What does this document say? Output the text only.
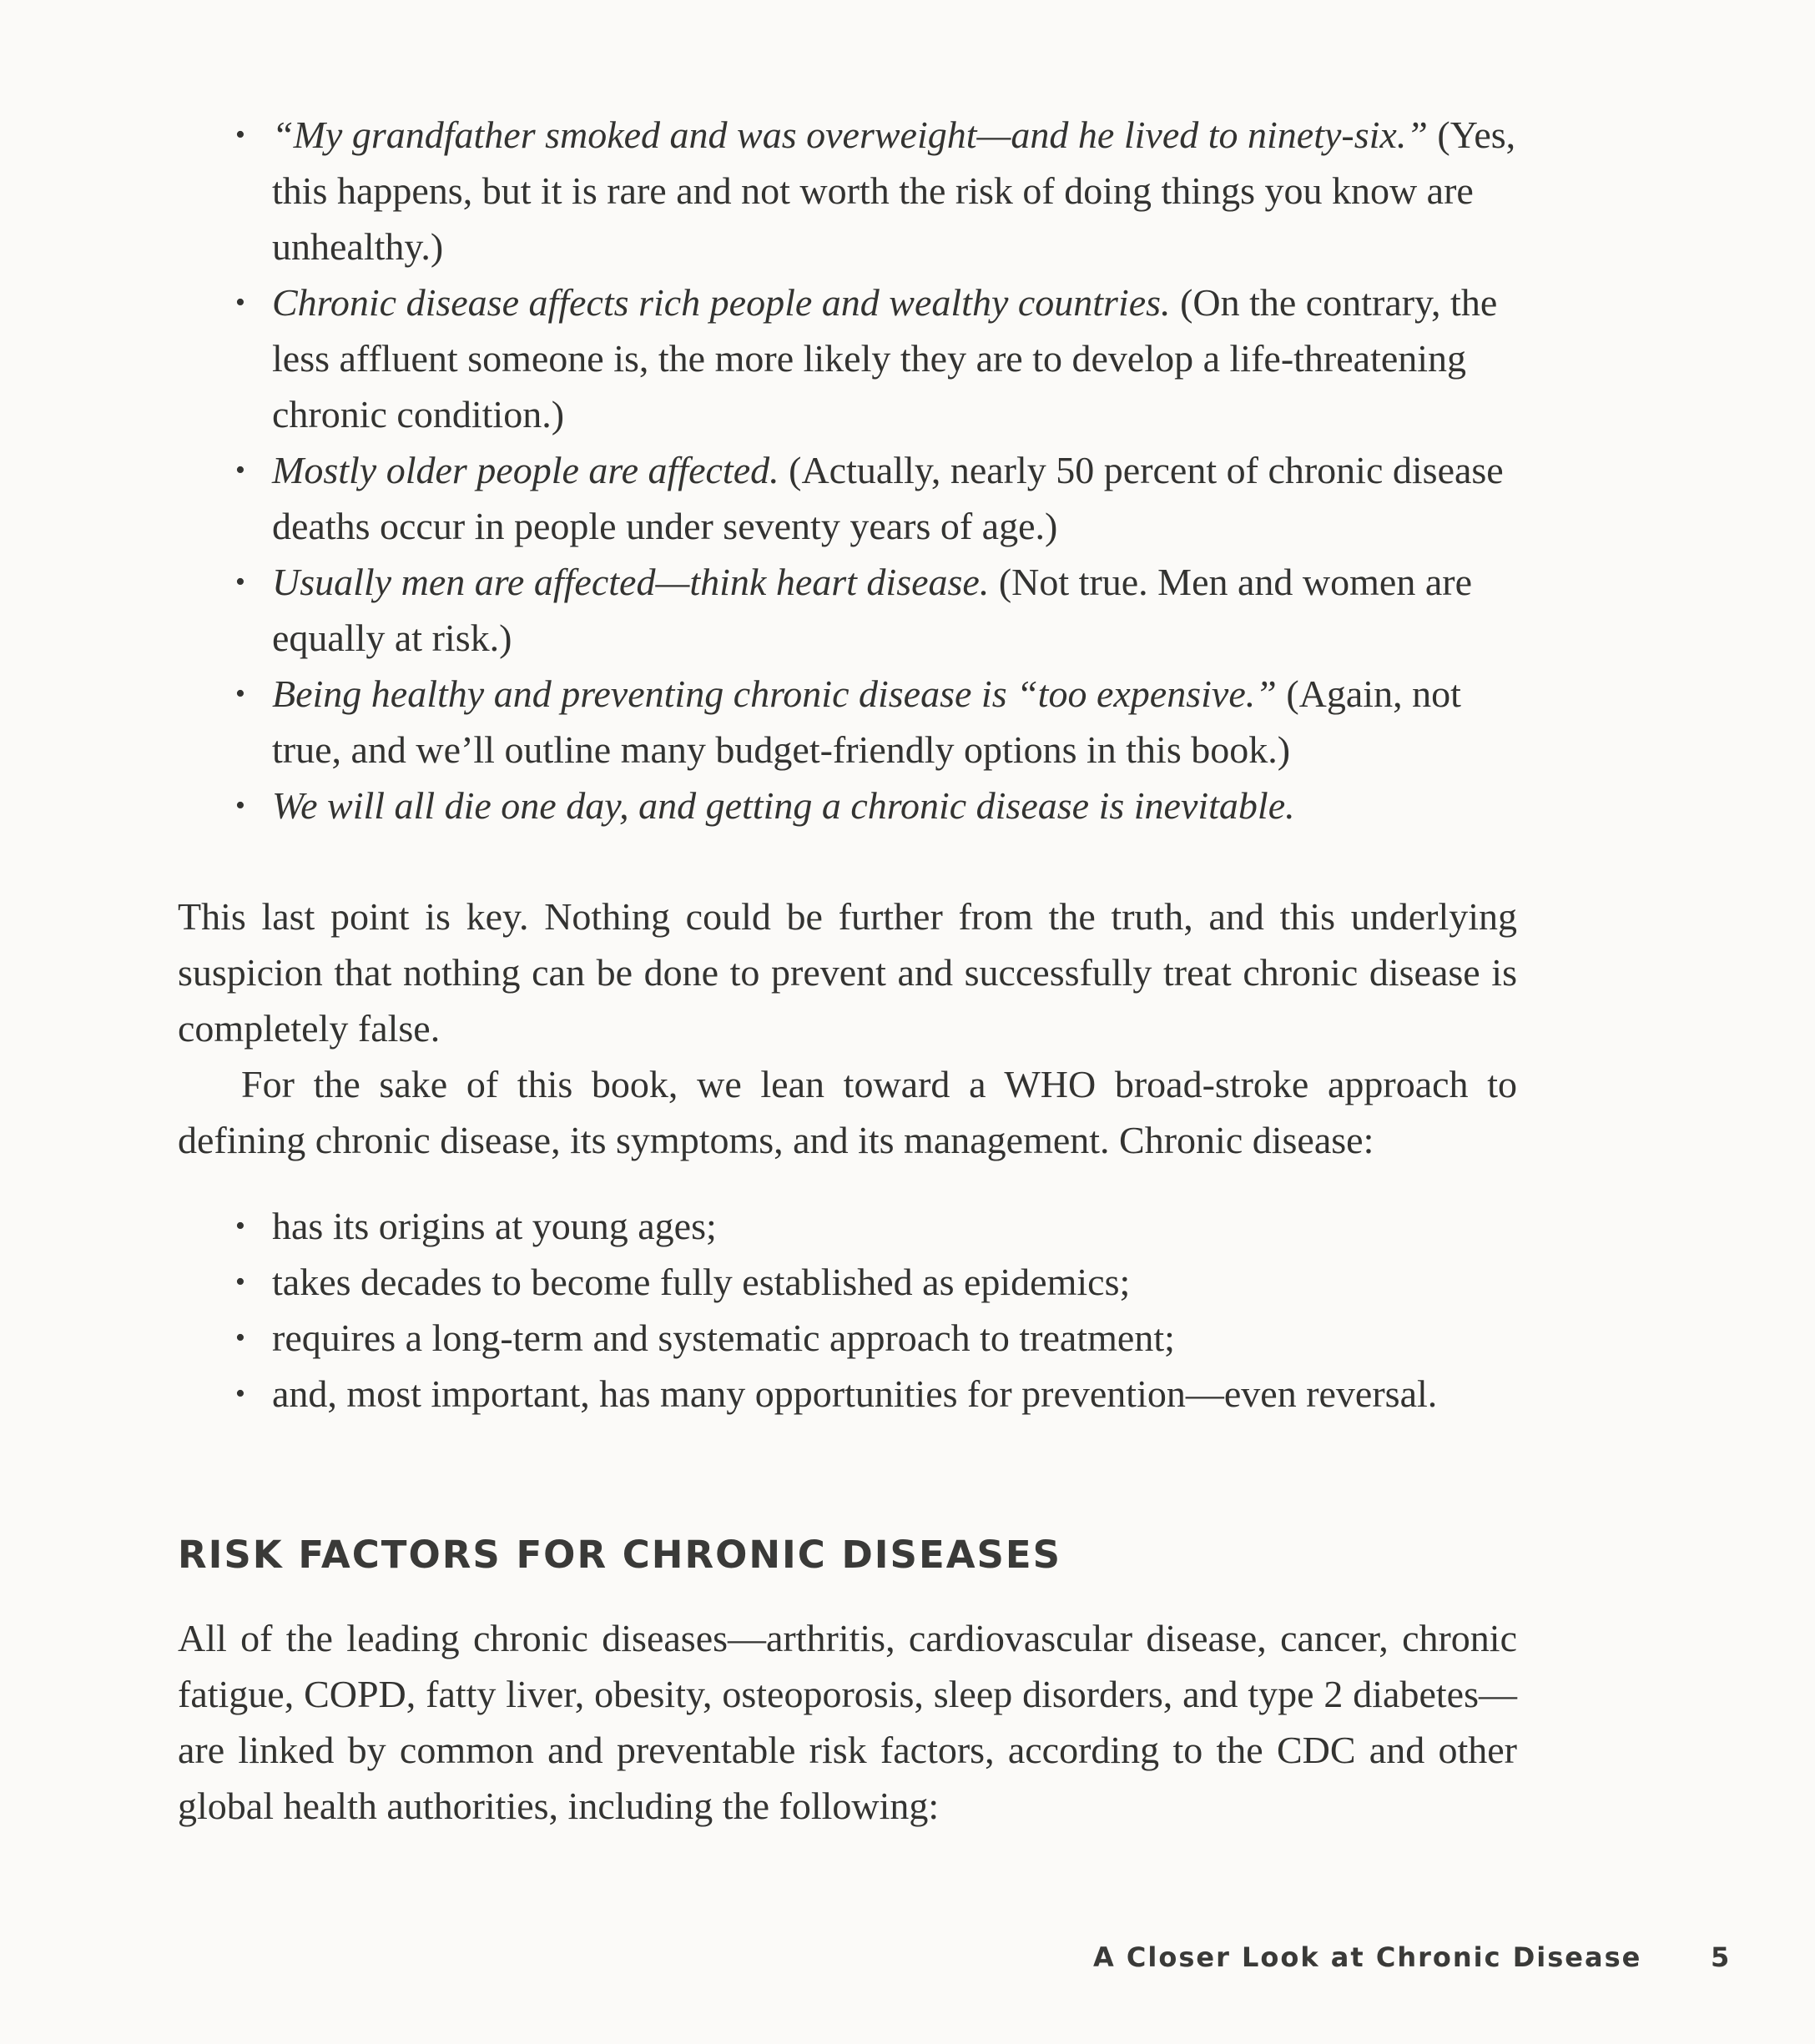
• “My grandfather smoked and was overweight—and he lived to ninety-six.” (Yes, this happens, but it is rare and not worth the risk of doing things you know are unhealthy.)
• Chronic disease affects rich people and wealthy countries. (On the contrary, the less affluent someone is, the more likely they are to develop a life-threatening chronic condition.)
• Mostly older people are affected. (Actually, nearly 50 percent of chronic disease deaths occur in people under seventy years of age.)
• Usually men are affected—think heart disease. (Not true. Men and women are equally at risk.)
• Being healthy and preventing chronic disease is “too expensive.” (Again, not true, and we’ll outline many budget-friendly options in this book.)
• We will all die one day, and getting a chronic disease is inevitable.

This last point is key. Nothing could be further from the truth, and this underlying suspicion that nothing can be done to prevent and successfully treat chronic disease is completely false.

For the sake of this book, we lean toward a WHO broad-stroke approach to defining chronic disease, its symptoms, and its management. Chronic disease:

• has its origins at young ages;
• takes decades to become fully established as epidemics;
• requires a long-term and systematic approach to treatment;
• and, most important, has many opportunities for prevention—even reversal.
RISK FACTORS FOR CHRONIC DISEASES

All of the leading chronic diseases—arthritis, cardiovascular disease, cancer, chronic fatigue, COPD, fatty liver, obesity, osteoporosis, sleep disorders, and type 2 diabetes—are linked by common and preventable risk factors, according to the CDC and other global health authorities, including the following:

A Closer Look at Chronic Disease	5
